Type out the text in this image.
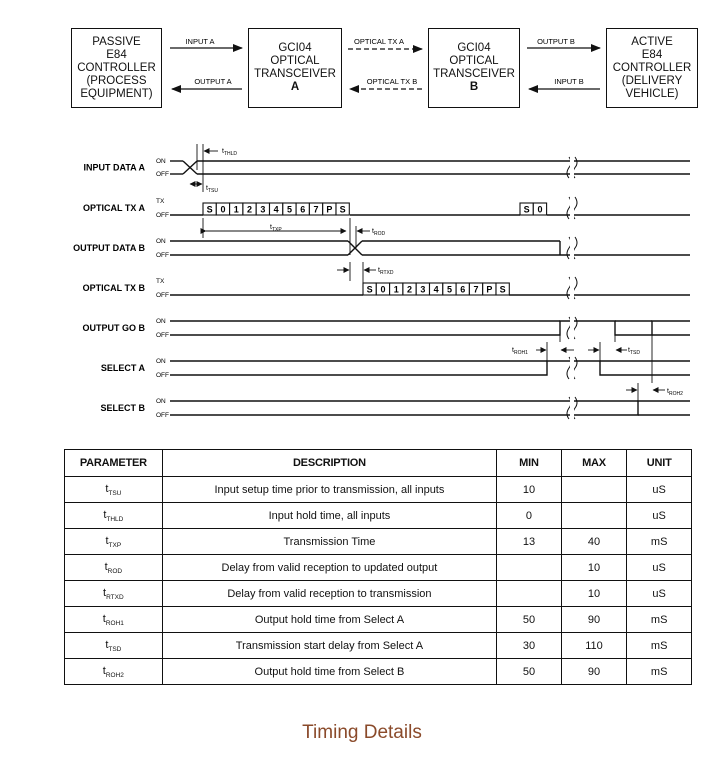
PASSIVE
E84
CONTROLLER
(PROCESS
EQUIPMENT)
GCI04
OPTICAL
TRANSCEIVER
A
GCI04
OPTICAL
TRANSCEIVER
B
ACTIVE
E84
CONTROLLER
(DELIVERY
VEHICLE)
INPUT A
OUTPUT A
OPTICAL TX A
OPTICAL TX B
OUTPUT B
INPUT B
INPUT DATA A
ON
OFF
OPTICAL TX A
TX
OFF
OUTPUT DATA B
ON
OFF
OPTICAL TX B
TX
OFF
OUTPUT GO B
ON
OFF
SELECT A
ON
OFF
SELECT B
ON
OFF
S 0 1 2 3 4 5 6 7 P S	S 0
S 0 1 2 3 4 5 6 7 P S
$t_{THLD}$
$t_{TSU}$
$t_{TXP}$	$t_{ROD}$
$t_{RTXD}$
$t_{ROH1}$	$t_{TSD}$
$t_{ROH2}$
PARAMETER	DESCRIPTION	MIN	MAX	UNIT
$t_{TSU}$	Input setup time prior to transmission, all inputs	10		uS
$t_{THLD}$	Input hold time, all inputs	0		uS
$t_{TXP}$	Transmission Time	13	40	mS
$t_{ROD}$	Delay from valid reception to updated output		10	uS
$t_{RTXD}$	Delay from valid reception to transmission		10	uS
$t_{ROH1}$	Output hold time from Select A	50	90	mS
$t_{TSD}$	Transmission start delay from Select A	30	110	mS
$t_{ROH2}$	Output hold time from Select B	50	90	mS
Timing Details
